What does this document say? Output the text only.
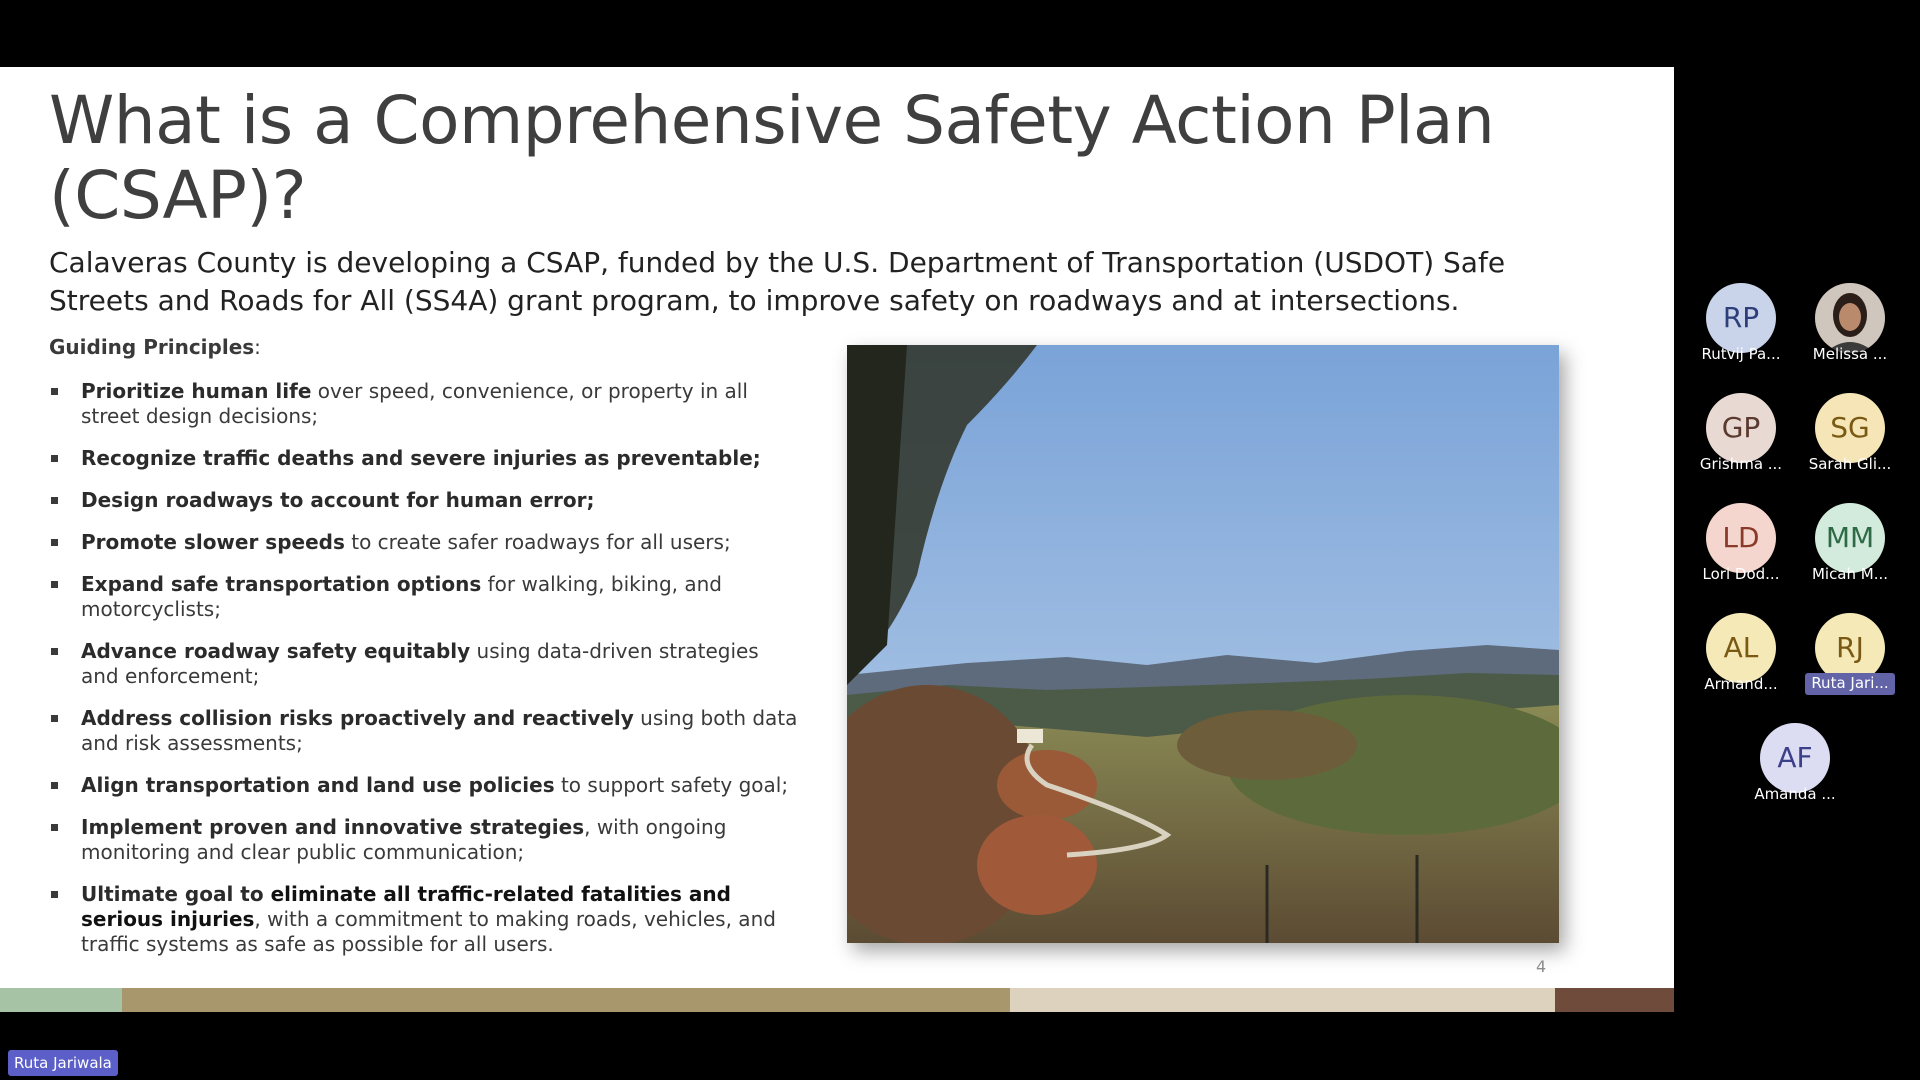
What is a Comprehensive Safety Action Plan (CSAP)?

Calaveras County is developing a CSAP, funded by the U.S. Department of Transportation (USDOT) Safe Streets and Roads for All (SS4A) grant program, to improve safety on roadways and at intersections.

Guiding Principles:
Prioritize human life over speed, convenience, or property in all street design decisions;
Recognize traffic deaths and severe injuries as preventable;
Design roadways to account for human error;
Promote slower speeds to create safer roadways for all users;
Expand safe transportation options for walking, biking, and motorcyclists;
Advance roadway safety equitably using data-driven strategies and enforcement;
Address collision risks proactively and reactively using both data and risk assessments;
Align transportation and land use policies to support safety goal;
Implement proven and innovative strategies, with ongoing monitoring and clear public communication;
Ultimate goal to eliminate all traffic-related fatalities and serious injuries, with a commitment to making roads, vehicles, and traffic systems as safe as possible for all users.
4
RP
Rutvij Pa...	Melissa ...
GP
Grishma ...
SG
Sarah Gli...
LD
Lori Dod...
MM
Micah M...
AL
Armand...
RJ
Ruta Jari...
AF
Amanda ...
Ruta Jariwala
